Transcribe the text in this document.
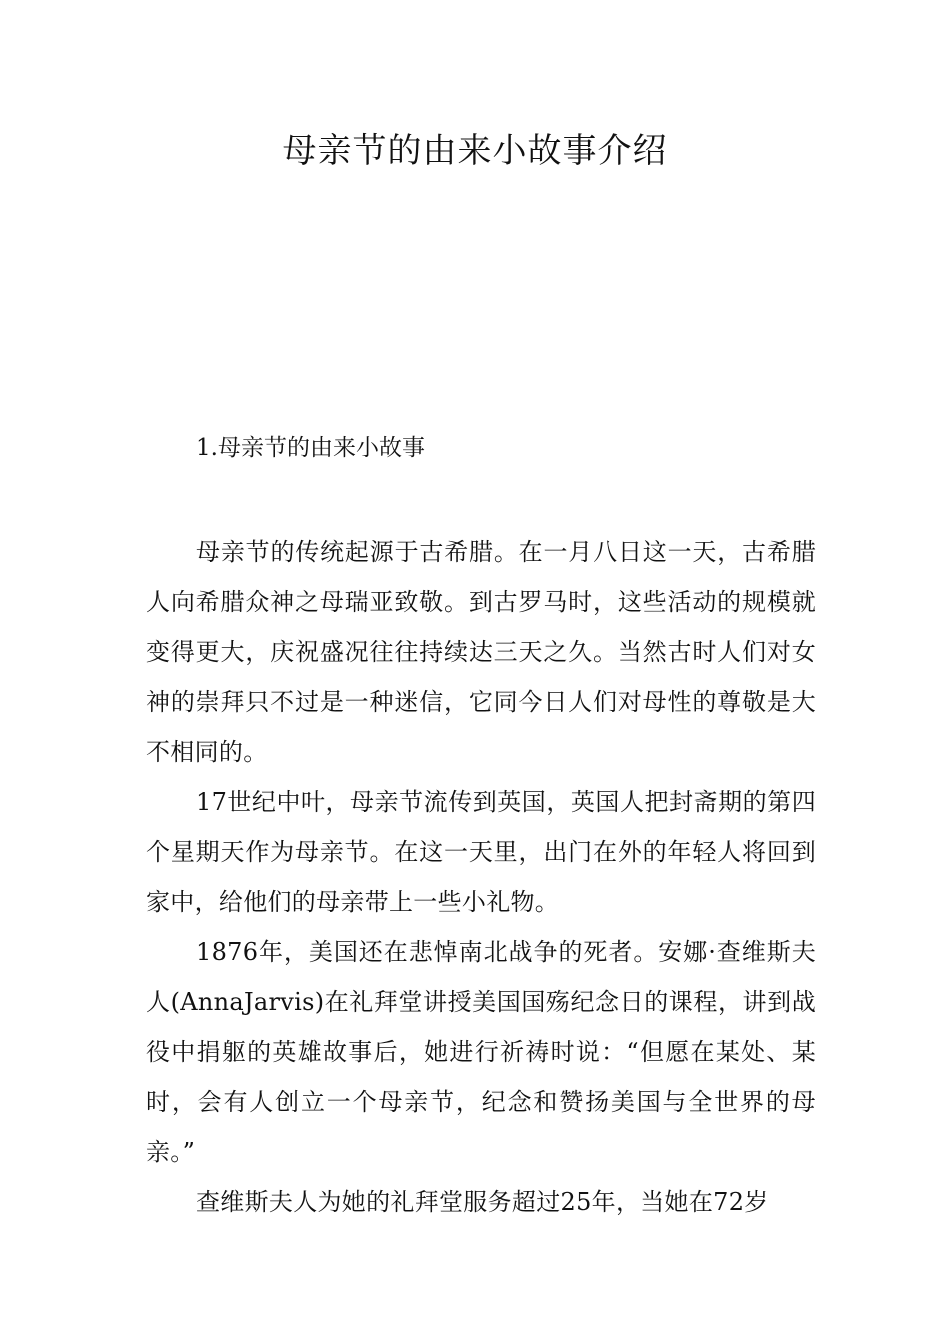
母亲节的由来小故事介绍
1.母亲节的由来小故事

母亲节的传统起源于古希腊。在一月八日这一天，古希腊人向希腊众神之母瑞亚致敬。到古罗马时，这些活动的规模就变得更大，庆祝盛况往往持续达三天之久。当然古时人们对女神的崇拜只不过是一种迷信，它同今日人们对母性的尊敬是大不相同的。

17世纪中叶，母亲节流传到英国，英国人把封斋期的第四个星期天作为母亲节。在这一天里，出门在外的年轻人将回到家中，给他们的母亲带上一些小礼物。

1876年，美国还在悲悼南北战争的死者。安娜·查维斯夫人(AnnaJarvis)在礼拜堂讲授美国国殇纪念日的课程，讲到战役中捐躯的英雄故事后，她进行祈祷时说：“但愿在某处、某时，会有人创立一个母亲节，纪念和赞扬美国与全世界的母亲。”

查维斯夫人为她的礼拜堂服务超过25年，当她在72岁
